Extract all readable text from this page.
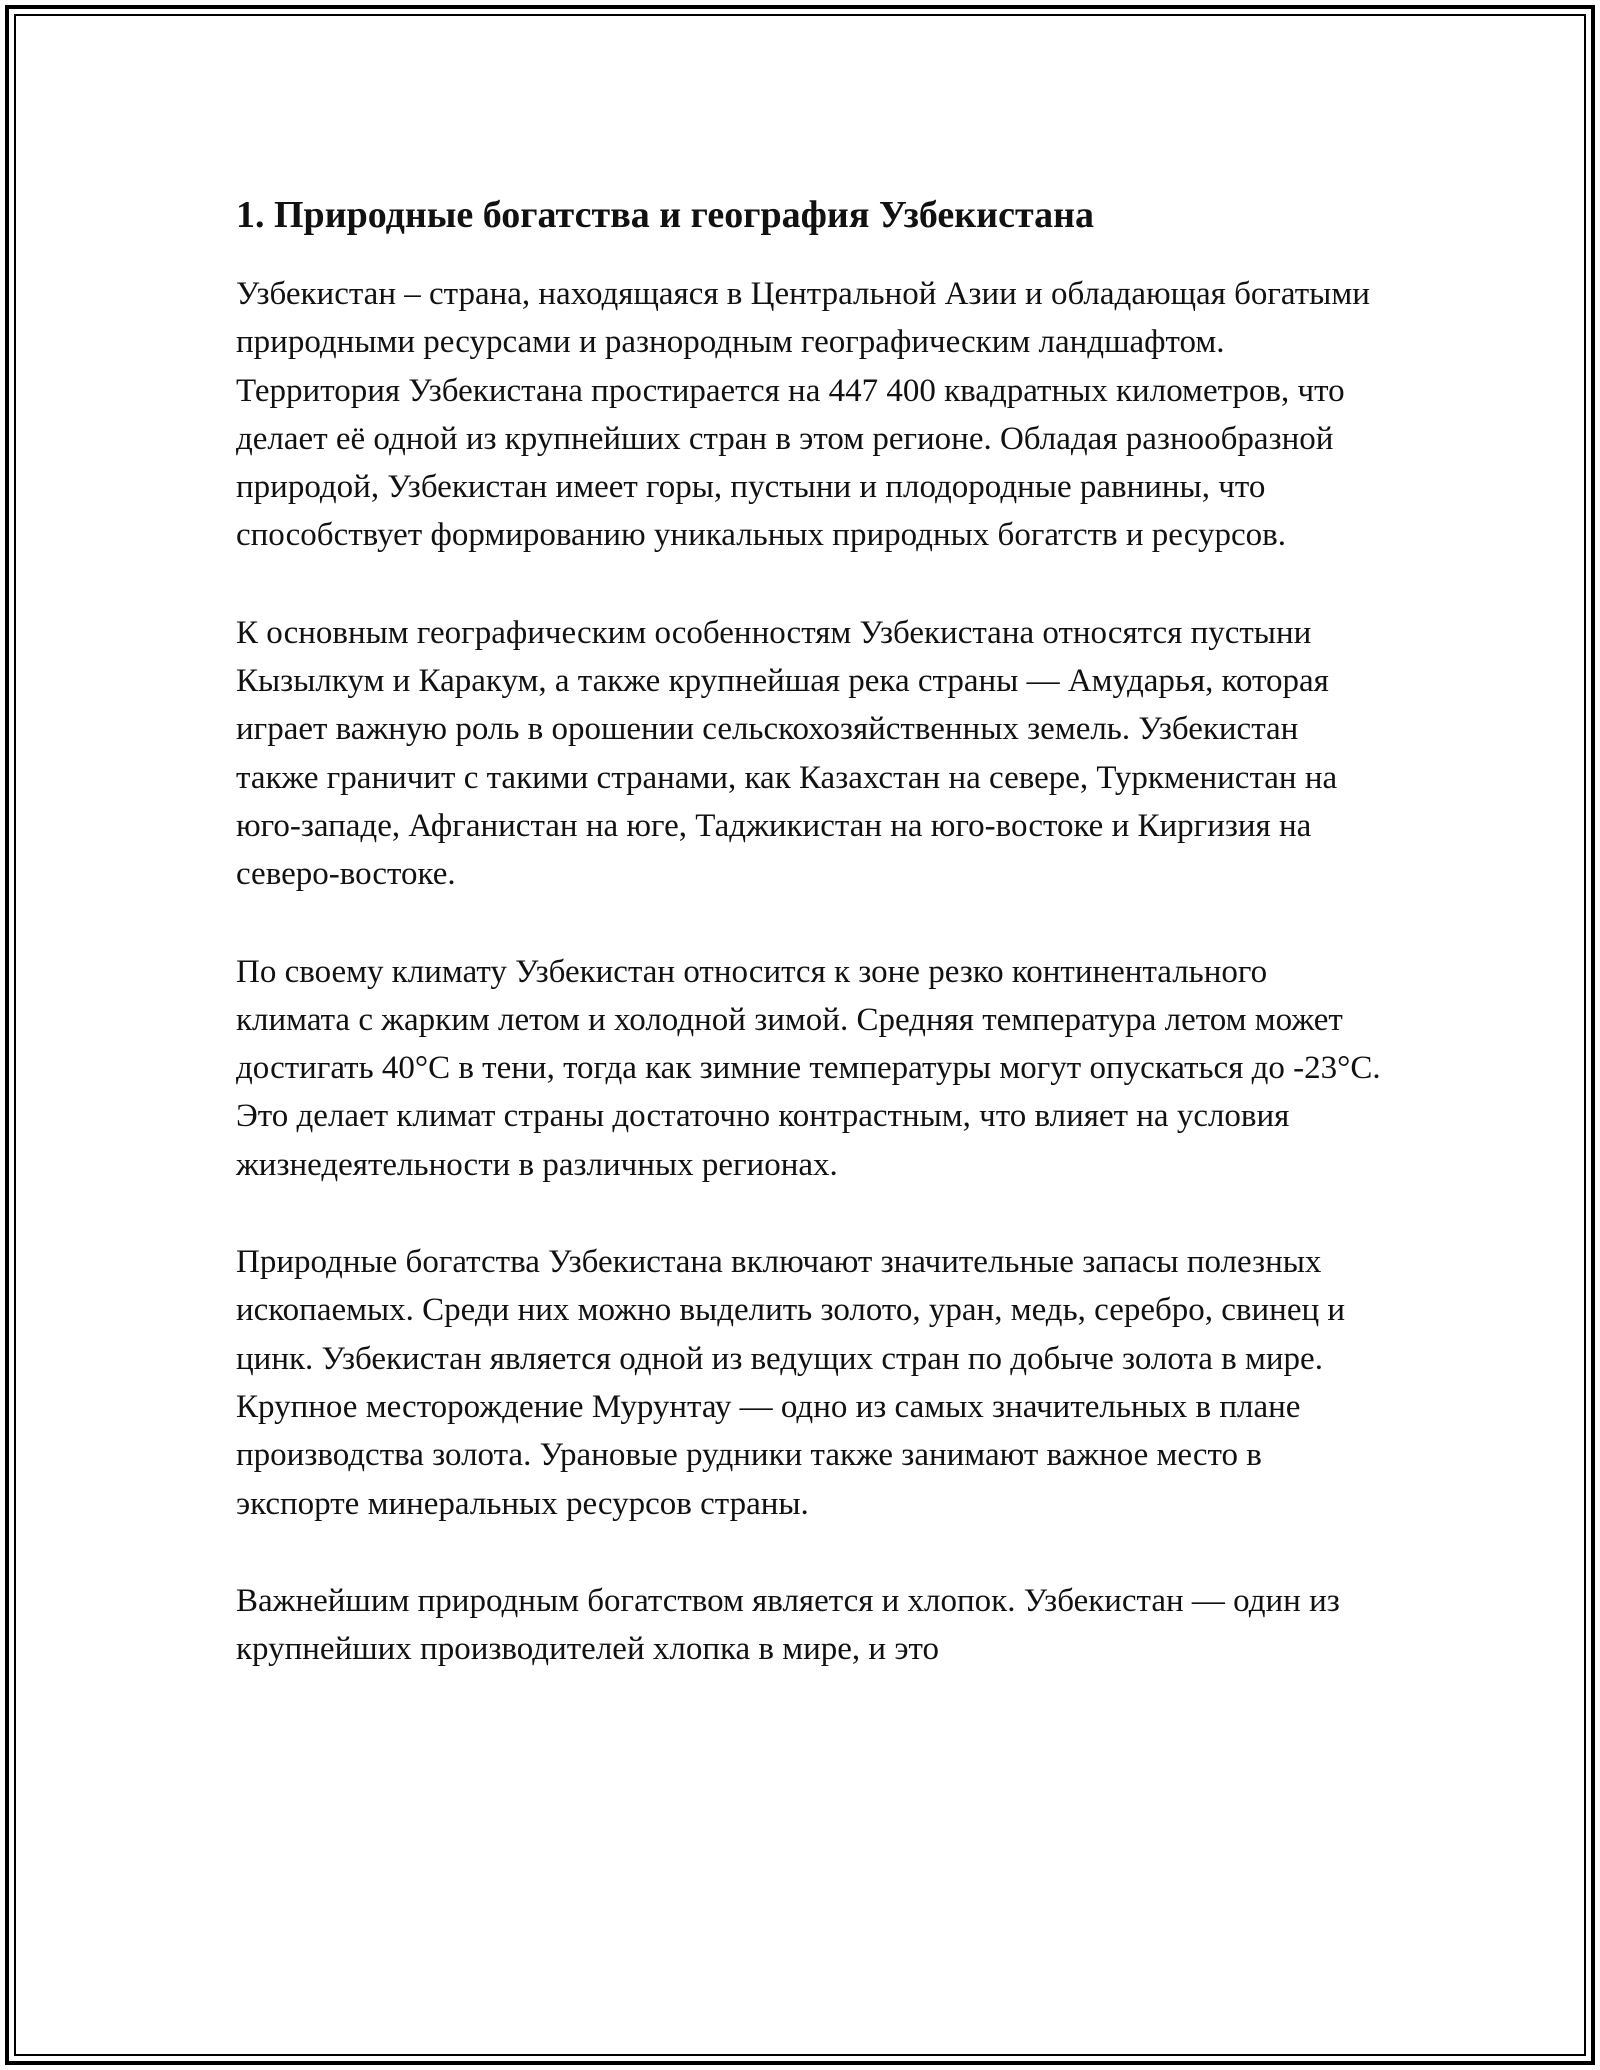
1. Природные богатства и география Узбекистана

Узбекистан – страна, находящаяся в Центральной Азии и обладающая богатыми природными ресурсами и разнородным географическим ландшафтом. Территория Узбекистана простирается на 447 400 квадратных километров, что делает её одной из крупнейших стран в этом регионе. Обладая разнообразной природой, Узбекистан имеет горы, пустыни и плодородные равнины, что способствует формированию уникальных природных богатств и ресурсов.

К основным географическим особенностям Узбекистана относятся пустыни Кызылкум и Каракум, а также крупнейшая река страны — Амударья, которая играет важную роль в орошении сельскохозяйственных земель. Узбекистан также граничит с такими странами, как Казахстан на севере, Туркменистан на юго-западе, Афганистан на юге, Таджикистан на юго-востоке и Киргизия на северо-востоке.

По своему климату Узбекистан относится к зоне резко континентального климата с жарким летом и холодной зимой. Средняя температура летом может достигать 40°C в тени, тогда как зимние температуры могут опускаться до -23°C. Это делает климат страны достаточно контрастным, что влияет на условия жизнедеятельности в различных регионах.

Природные богатства Узбекистана включают значительные запасы полезных ископаемых. Среди них можно выделить золото, уран, медь, серебро, свинец и цинк. Узбекистан является одной из ведущих стран по добыче золота в мире. Крупное месторождение Мурунтау — одно из самых значительных в плане производства золота. Урановые рудники также занимают важное место в экспорте минеральных ресурсов страны.

Важнейшим природным богатством является и хлопок. Узбекистан — один из крупнейших производителей хлопка в мире, и это
